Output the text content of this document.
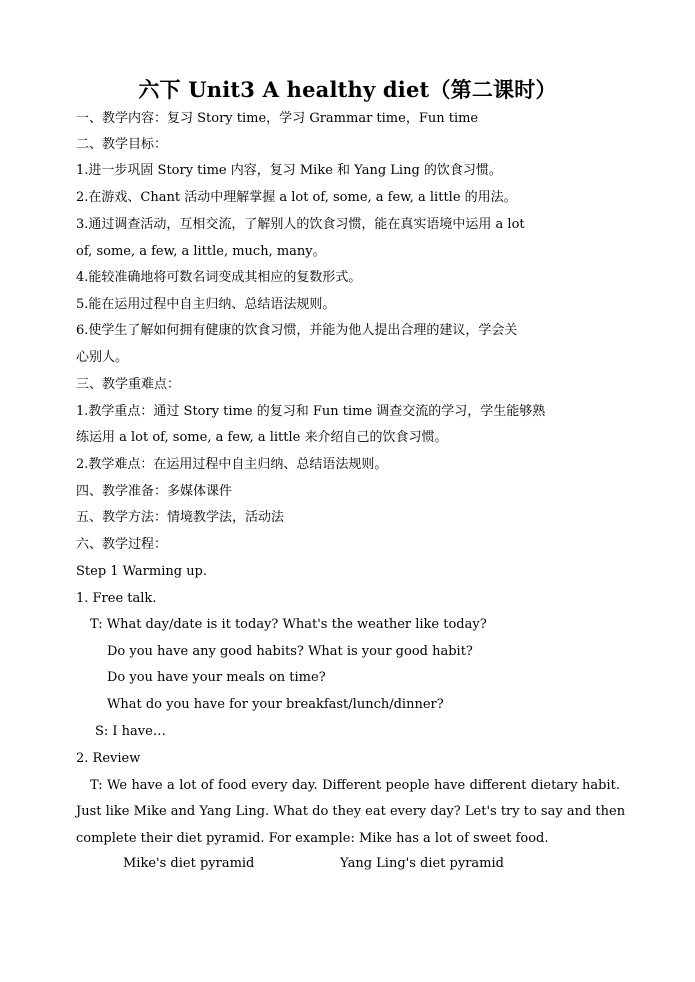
六下 Unit3 A healthy diet（第二课时）
一、教学内容：复习 Story time，学习 Grammar time，Fun time
二、教学目标：
1.进一步巩固 Story time 内容，复习 Mike 和 Yang Ling 的饮食习惯。
2.在游戏、Chant 活动中理解掌握 a lot of, some, a few, a little 的用法。
3.通过调查活动，互相交流，了解别人的饮食习惯，能在真实语境中运用 a lot
of, some, a few, a little, much, many。
4.能较准确地将可数名词变成其相应的复数形式。
5.能在运用过程中自主归纳、总结语法规则。
6.使学生了解如何拥有健康的饮食习惯，并能为他人提出合理的建议，学会关
心别人。
三、教学重难点：
1.教学重点：通过 Story time 的复习和 Fun time 调查交流的学习，学生能够熟
练运用 a lot of, some, a few, a little 来介绍自己的饮食习惯。
2.教学难点：在运用过程中自主归纳、总结语法规则。
四、教学准备：多媒体课件
五、教学方法：情境教学法，活动法
六、教学过程：
Step 1 Warming up.
1. Free talk.
T: What day/date is it today? What's the weather like today?
Do you have any good habits? What is your good habit?
Do you have your meals on time?
What do you have for your breakfast/lunch/dinner?
S: I have…
2. Review
T: We have a lot of food every day. Different people have different dietary habit.
Just like Mike and Yang Ling. What do they eat every day? Let's try to say and then
complete their diet pyramid. For example: Mike has a lot of sweet food.
Mike's diet pyramid	Yang Ling's diet pyramid
